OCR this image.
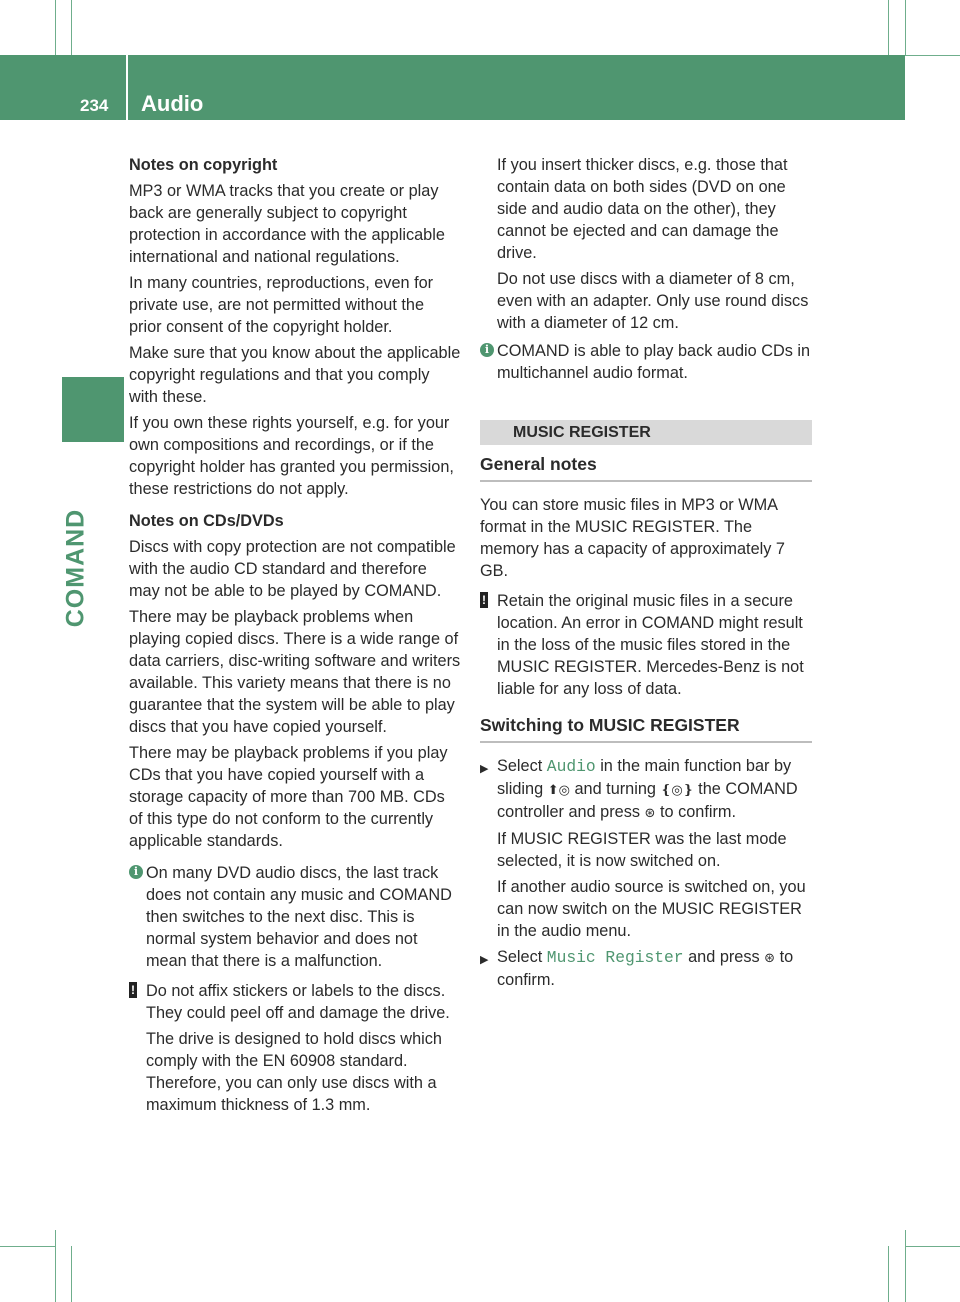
234 Audio
COMAND
Notes on copyright

MP3 or WMA tracks that you create or play back are generally subject to copyright protection in accordance with the applicable international and national regulations.

In many countries, reproductions, even for private use, are not permitted without the prior consent of the copyright holder.

Make sure that you know about the applicable copyright regulations and that you comply with these.

If you own these rights yourself, e.g. for your own compositions and recordings, or if the copyright holder has granted you permission, these restrictions do not apply.

Notes on CDs/DVDs

Discs with copy protection are not compatible with the audio CD standard and therefore may not be able to be played by COMAND.

There may be playback problems when playing copied discs. There is a wide range of data carriers, disc-writing software and writers available. This variety means that there is no guarantee that the system will be able to play discs that you have copied yourself.

There may be playback problems if you play CDs that you have copied yourself with a storage capacity of more than 700 MB. CDs of this type do not conform to the currently applicable standards.

i On many DVD audio discs, the last track does not contain any music and COMAND then switches to the next disc. This is normal system behavior and does not mean that there is a malfunction.

! Do not affix stickers or labels to the discs. They could peel off and damage the drive.

The drive is designed to hold discs which comply with the EN 60908 standard. Therefore, you can only use discs with a maximum thickness of 1.3 mm.

If you insert thicker discs, e.g. those that contain data on both sides (DVD on one side and audio data on the other), they cannot be ejected and can damage the drive.

Do not use discs with a diameter of 8 cm, even with an adapter. Only use round discs with a diameter of 12 cm.

i COMAND is able to play back audio CDs in multichannel audio format.

MUSIC REGISTER
General notes

You can store music files in MP3 or WMA format in the MUSIC REGISTER. The memory has a capacity of approximately 7 GB.

! Retain the original music files in a secure location. An error in COMAND might result in the loss of the music files stored in the MUSIC REGISTER. Mercedes-Benz is not liable for any loss of data.

Switching to MUSIC REGISTER
▶ Select Audio in the main function bar by sliding ⬆◎ and turning ❴◎❵ the COMAND controller and press ⊛ to confirm.

If MUSIC REGISTER was the last mode selected, it is now switched on.

If another audio source is switched on, you can now switch on the MUSIC REGISTER in the audio menu.

▶ Select Music Register and press ⊛ to confirm.
